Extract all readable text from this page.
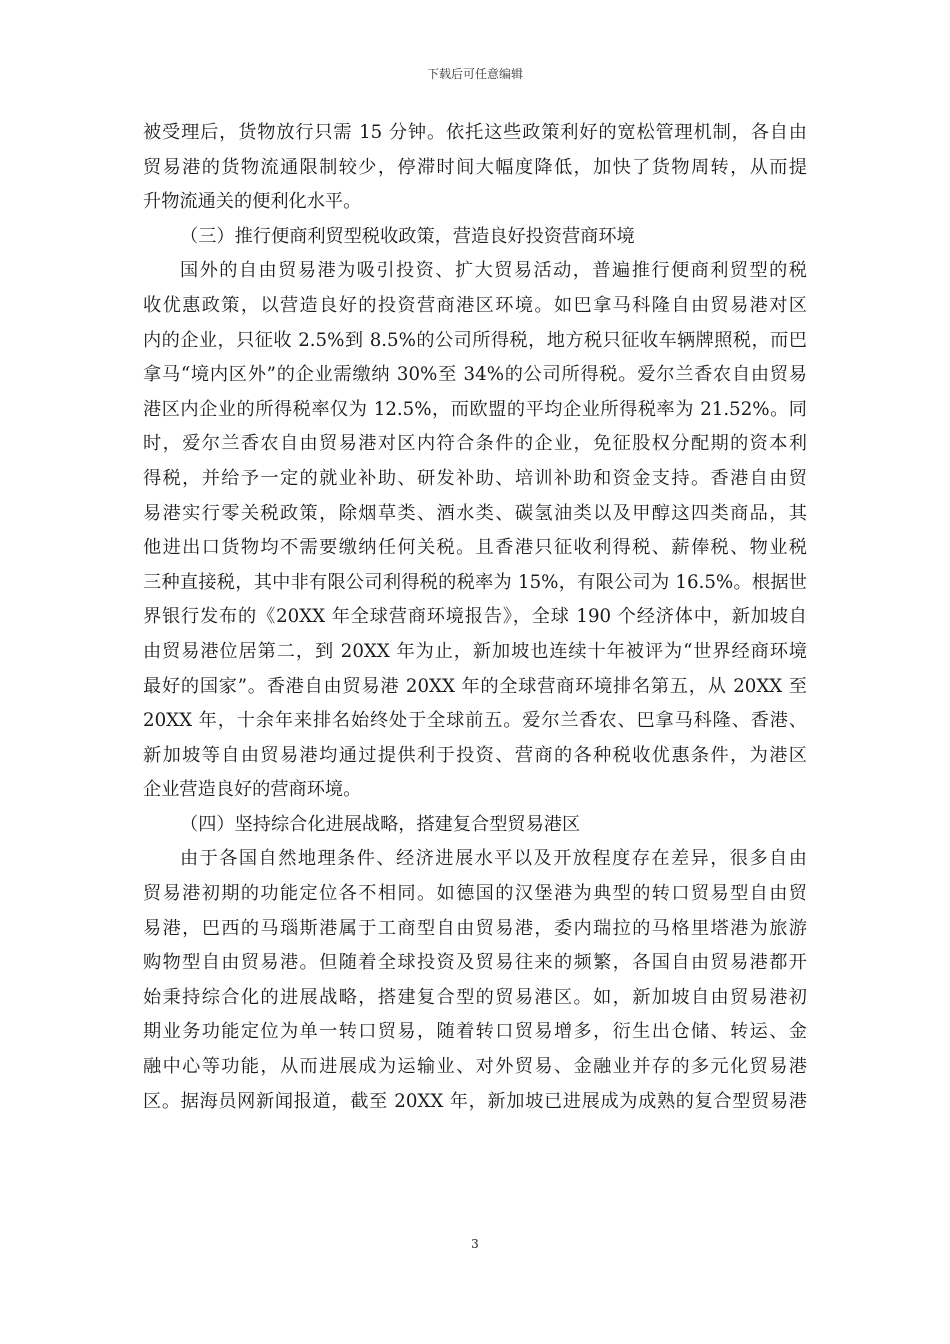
下载后可任意编辑
被受理后，货物放行只需 15 分钟。依托这些政策利好的宽松管理机制，各自由
贸易港的货物流通限制较少，停滞时间大幅度降低，加快了货物周转，从而提
升物流通关的便利化水平。
（三）推行便商利贸型税收政策，营造良好投资营商环境
国外的自由贸易港为吸引投资、扩大贸易活动，普遍推行便商利贸型的税
收优惠政策，以营造良好的投资营商港区环境。如巴拿马科隆自由贸易港对区
内的企业，只征收 2.5%到 8.5%的公司所得税，地方税只征收车辆牌照税，而巴
拿马“境内区外”的企业需缴纳 30%至 34%的公司所得税。爱尔兰香农自由贸易
港区内企业的所得税率仅为 12.5%，而欧盟的平均企业所得税率为 21.52%。同
时，爱尔兰香农自由贸易港对区内符合条件的企业，免征股权分配期的资本利
得税，并给予一定的就业补助、研发补助、培训补助和资金支持。香港自由贸
易港实行零关税政策，除烟草类、酒水类、碳氢油类以及甲醇这四类商品，其
他进出口货物均不需要缴纳任何关税。且香港只征收利得税、薪俸税、物业税
三种直接税，其中非有限公司利得税的税率为 15%，有限公司为 16.5%。根据世
界银行发布的《20XX 年全球营商环境报告》，全球 190 个经济体中，新加坡自
由贸易港位居第二，到 20XX 年为止，新加坡也连续十年被评为“世界经商环境
最好的国家”。香港自由贸易港 20XX 年的全球营商环境排名第五，从 20XX 至
20XX 年，十余年来排名始终处于全球前五。爱尔兰香农、巴拿马科隆、香港、
新加坡等自由贸易港均通过提供利于投资、营商的各种税收优惠条件，为港区
企业营造良好的营商环境。
（四）坚持综合化进展战略，搭建复合型贸易港区
由于各国自然地理条件、经济进展水平以及开放程度存在差异，很多自由
贸易港初期的功能定位各不相同。如德国的汉堡港为典型的转口贸易型自由贸
易港，巴西的马瑙斯港属于工商型自由贸易港，委内瑞拉的马格里塔港为旅游
购物型自由贸易港。但随着全球投资及贸易往来的频繁，各国自由贸易港都开
始秉持综合化的进展战略，搭建复合型的贸易港区。如，新加坡自由贸易港初
期业务功能定位为单一转口贸易，随着转口贸易增多，衍生出仓储、转运、金
融中心等功能，从而进展成为运输业、对外贸易、金融业并存的多元化贸易港
区。据海员网新闻报道，截至 20XX 年，新加坡已进展成为成熟的复合型贸易港
3
